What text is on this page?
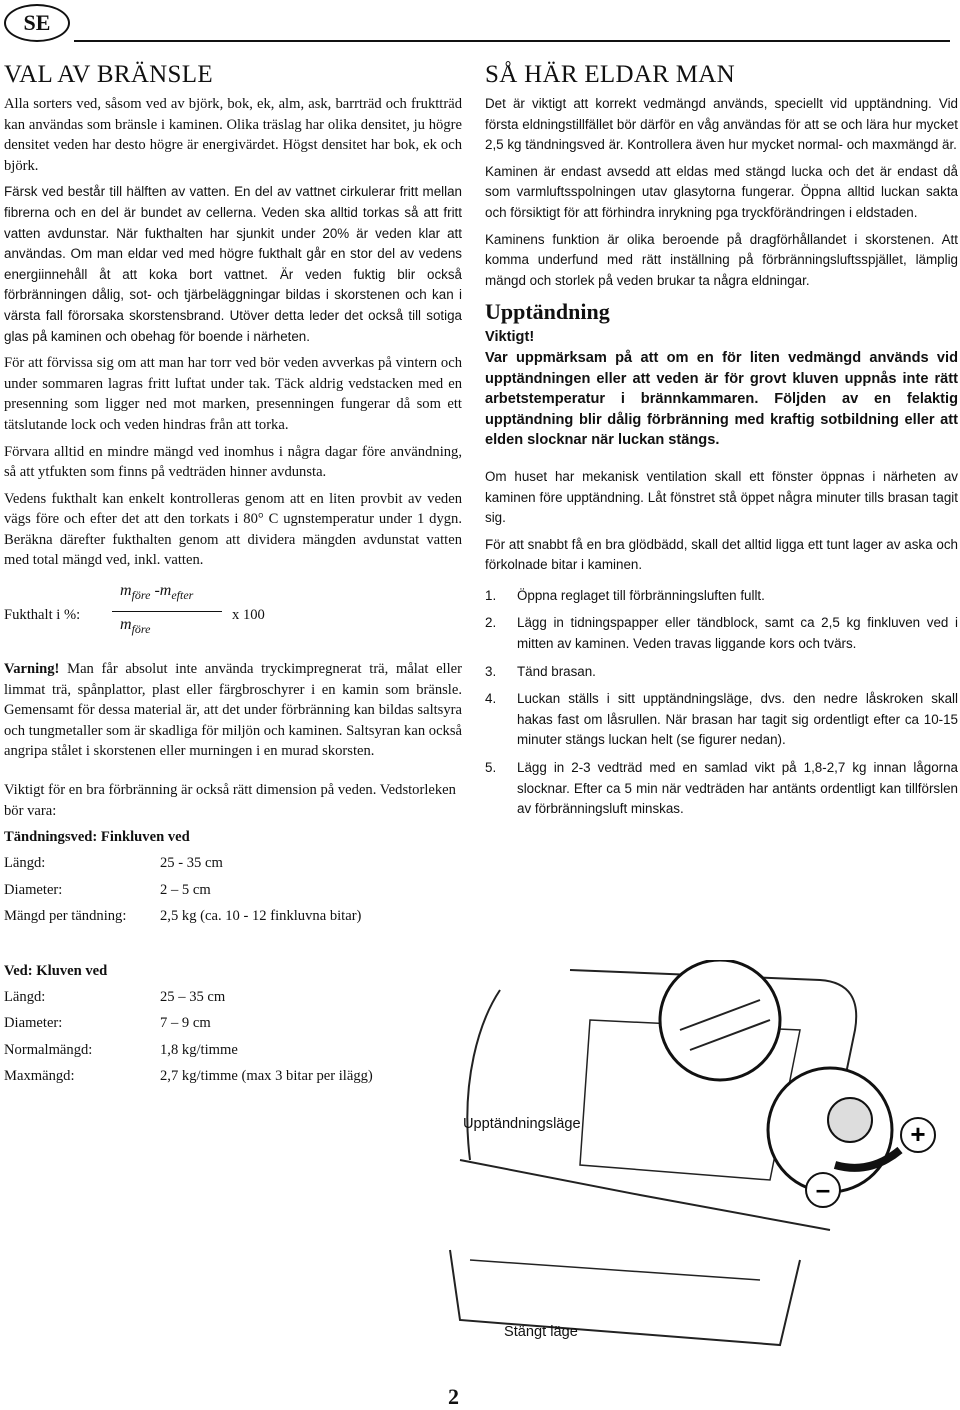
SE
VAL AV BRÄNSLE

Alla sorters ved, såsom ved av björk, bok, ek, alm, ask, barrträd och fruktträd kan användas som bränsle i kaminen. Olika träslag har olika densitet, ju högre densitet veden har desto högre är energivärdet. Högst densitet har bok, ek och björk.

Färsk ved består till hälften av vatten. En del av vattnet cirkulerar fritt mellan fibrerna och en del är bundet av cellerna. Veden ska alltid torkas så att fritt vatten avdunstar. När fukthalten har sjunkit under 20% är veden klar att användas. Om man eldar ved med högre fukthalt går en stor del av vedens energiinnehåll åt att koka bort vattnet. Är veden fuktig blir också förbränningen dålig, sot- och tjärbeläggningar bildas i skorstenen och kan i värsta fall förorsaka skorstensbrand. Utöver detta leder det också till sotiga glas på kaminen och obehag för boende i närheten.

För att förvissa sig om att man har torr ved bör veden avverkas på vintern och under sommaren lagras fritt luftat under tak. Täck aldrig vedstacken med en presenning som ligger ned mot marken, presenningen fungerar då som ett tätslutande lock och veden hindras från att torka.

Förvara alltid en mindre mängd ved inomhus i några dagar före användning, så att ytfukten som finns på vedträden hinner avdunsta.

Vedens fukthalt kan enkelt kontrolleras genom att en liten provbit av veden vägs före och efter det att den torkats i 80° C ugnstemperatur under 1 dygn. Beräkna därefter fukthalten genom att dividera mängden avdunstat vatten med total mängd ved, inkl. vatten.

Fukthalt i %:
$m_{före}$ $-m_{efter}$
$m_{före}$
x 100

Varning! Man får absolut inte använda tryckimpregnerat trä, målat eller limmat trä, spånplattor, plast eller färgbroschyrer i en kamin som bränsle. Gemensamt för dessa material är, att det under förbränning kan bildas saltsyra och tungmetaller som är skadliga för miljön och kaminen. Saltsyran kan också angripa stålet i skorstenen eller murningen i en murad skorsten.

Viktigt för en bra förbränning är också rätt dimension på veden. Vedstorleken bör vara:

Tändningsved: Finkluven ved
Längd:	25 - 35 cm
Diameter:	2 – 5 cm
Mängd per tändning:	2,5 kg (ca. 10 - 12 finkluvna bitar)
Ved: Kluven ved
Längd:	25 – 35 cm
Diameter:	7 – 9 cm
Normalmängd:	1,8 kg/timme
Maxmängd:	2,7 kg/timme (max 3 bitar per ilägg)
SÅ HÄR ELDAR MAN

Det är viktigt att korrekt vedmängd används, speciellt vid upptändning. Vid första eldningstillfället bör därför en våg användas för att se och lära hur mycket 2,5 kg tändningsved är. Kontrollera även hur mycket normal- och maxmängd är.

Kaminen är endast avsedd att eldas med stängd lucka och det är endast då som varmluftsspolningen utav glasytorna fungerar. Öppna alltid luckan sakta och försiktigt för att förhindra inrykning pga tryckförändringen i eldstaden.

Kaminens funktion är olika beroende på dragförhållandet i skorstenen. Att komma underfund med rätt inställning på förbränningsluftsspjället, lämplig mängd och storlek på veden brukar ta några eldningar.

Upptändning
Viktigt!

Var uppmärksam på att om en för liten vedmängd används vid upptändningen eller att veden är för grovt kluven uppnås inte rätt arbetstemperatur i brännkammaren. Följden av en felaktig upptändning blir dålig förbränning med kraftig sotbildning eller att elden slocknar när luckan stängs.

Om huset har mekanisk ventilation skall ett fönster öppnas i närheten av kaminen före upptändning. Låt fönstret stå öppet några minuter tills brasan tagit sig.

För att snabbt få en bra glödbädd, skall det alltid ligga ett tunt lager av aska och förkolnade bitar i kaminen.

1. Öppna reglaget till förbränningsluften fullt.
2. Lägg in tidningspapper eller tändblock, samt ca 2,5 kg finkluven ved i mitten av kaminen. Veden travas liggande kors och tvärs.
3. Tänd brasan.
4. Luckan ställs i sitt upptändningsläge, dvs. den nedre låskroken skall hakas fast om låsrullen. När brasan har tagit sig ordentligt efter ca 10-15 minuter stängs luckan helt (se figurer nedan).
5. Lägg in 2-3 vedträd med en samlad vikt på 1,8-2,7 kg innan lågorna slocknar. Efter ca 5 min när vedträden har antänts ordentligt kan tillförslen av förbränningsluft minskas.
+
–
Upptändningsläge
Stängt läge
2
